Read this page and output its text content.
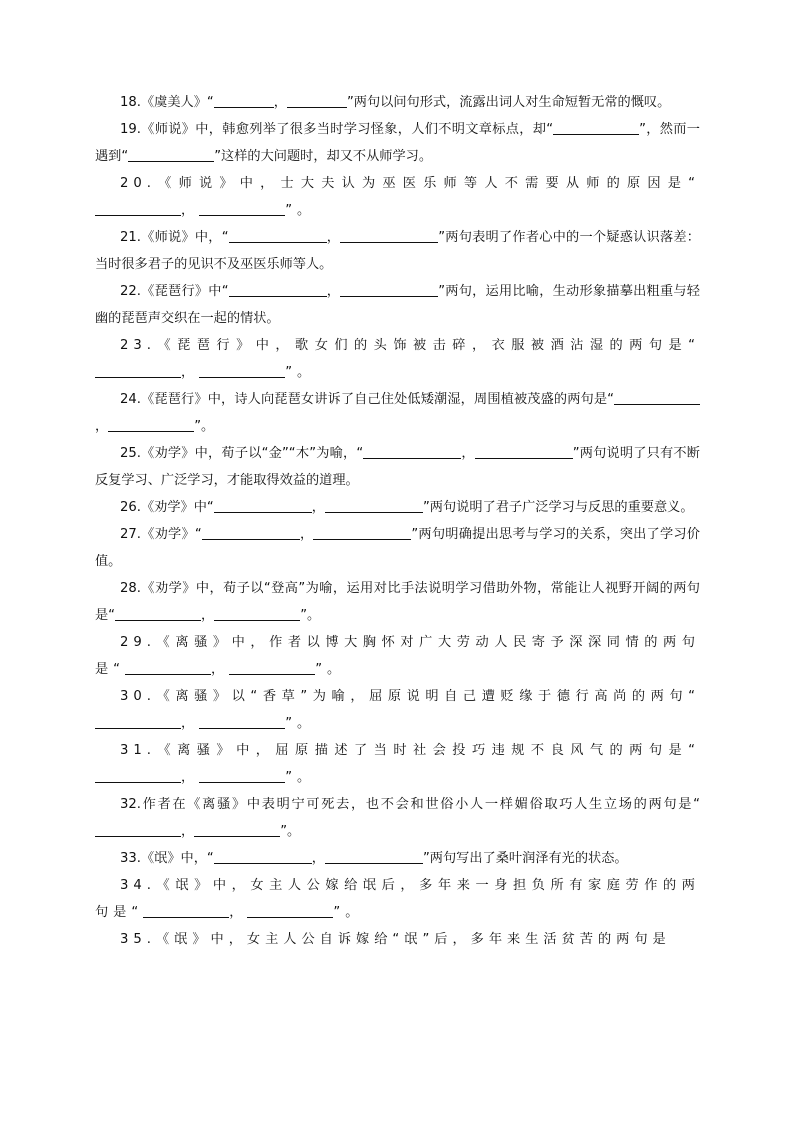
18.《虞美人》“	，	”两句以问句形式，流露出词人对生命短暂无常的慨叹。

19.《师说》中，韩愈列举了很多当时学习怪象，人们不明文章标点，却“	”，然而一遇到“	”这样的大问题时，却又不从师学习。

20.《师说》中，士大夫认为巫医乐师等人不需要从师的原因是“，	”。

21.《师说》中，“	，	”两句表明了作者心中的一个疑惑认识落差：当时很多君子的见识不及巫医乐师等人。

22.《琵琶行》中“	，	”两句，运用比喻，生动形象描摹出粗重与轻幽的琵琶声交织在一起的情状。

23.《琵琶行》中，歌女们的头饰被击碎，衣服被酒沾湿的两句是“，	”。

24.《琵琶行》中，诗人向琵琶女讲诉了自己住处低矮潮湿，周围植被茂盛的两句是“，	”。

25.《劝学》中，荀子以“金”“木”为喻，“	，	”两句说明了只有不断反复学习、广泛学习，才能取得效益的道理。

26.《劝学》中“	，	”两句说明了君子广泛学习与反思的重要意义。

27.《劝学》“	，	”两句明确提出思考与学习的关系，突出了学习价值。

28.《劝学》中，荀子以“登高”为喻，运用对比手法说明学习借助外物，常能让人视野开阔的两句是“	，	”。

29.《离骚》中，作者以博大胸怀对广大劳动人民寄予深深同情的两句是“	，	”。

30.《离骚》以“香草”为喻，屈原说明自己遭贬缘于德行高尚的两句“，	”。

31.《离骚》中，屈原描述了当时社会投巧违规不良风气的两句是“，	”。

32.作者在《离骚》中表明宁可死去，也不会和世俗小人一样媚俗取巧人生立场的两句是“，	”。

33.《氓》中，“	，	”两句写出了桑叶润泽有光的状态。

34.《氓》中，女主人公嫁给氓后，多年来一身担负所有家庭劳作的两句是“	，	”。

35.《氓》中，女主人公自诉嫁给“氓”后，多年来生活贫苦的两句是
